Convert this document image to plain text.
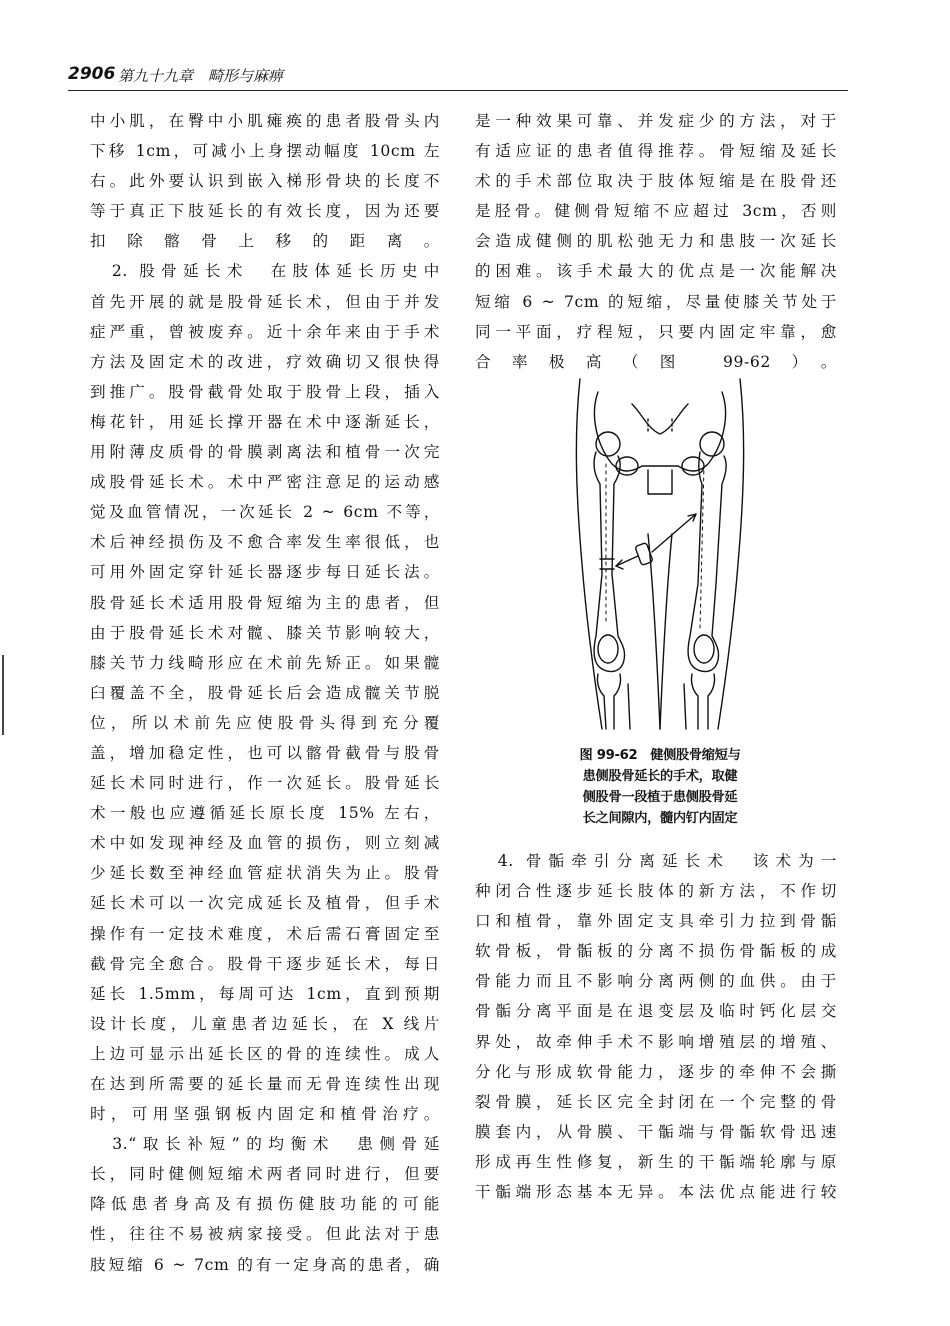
2906 第九十九章　畸形与麻痹
中小肌，在臀中小肌瘫痪的患者股骨头内
下移 1cm，可减小上身摆动幅度 10cm 左
右。此外要认识到嵌入梯形骨块的长度不
等于真正下肢延长的有效长度，因为还要
扣除髂骨上移的距离。
　2. 股骨延长术　在肢体延长历史中
首先开展的就是股骨延长术，但由于并发
症严重，曾被废弃。近十余年来由于手术
方法及固定术的改进，疗效确切又很快得
到推广。股骨截骨处取于股骨上段，插入
梅花针，用延长撑开器在术中逐渐延长，
用附薄皮质骨的骨膜剥离法和植骨一次完
成股骨延长术。术中严密注意足的运动感
觉及血管情况，一次延长 2 ~ 6cm 不等，
术后神经损伤及不愈合率发生率很低，也
可用外固定穿针延长器逐步每日延长法。
股骨延长术适用股骨短缩为主的患者，但
由于股骨延长术对髋、膝关节影响较大，
膝关节力线畸形应在术前先矫正。如果髋
臼覆盖不全，股骨延长后会造成髋关节脱
位，所以术前先应使股骨头得到充分覆
盖，增加稳定性，也可以髂骨截骨与股骨
延长术同时进行，作一次延长。股骨延长
术一般也应遵循延长原长度 15% 左右，
术中如发现神经及血管的损伤，则立刻减
少延长数至神经血管症状消失为止。股骨
延长术可以一次完成延长及植骨，但手术
操作有一定技术难度，术后需石膏固定至
截骨完全愈合。股骨干逐步延长术，每日
延长 1.5mm，每周可达 1cm，直到预期
设计长度，儿童患者边延长，在 X 线片
上边可显示出延长区的骨的连续性。成人
在达到所需要的延长量而无骨连续性出现
时，可用坚强钢板内固定和植骨治疗。
　3.“取长补短”的均衡术　患侧骨延
长，同时健侧短缩术两者同时进行，但要
降低患者身高及有损伤健肢功能的可能
性，往往不易被病家接受。但此法对于患
肢短缩 6 ~ 7cm 的有一定身高的患者，确
是一种效果可靠、并发症少的方法，对于
有适应证的患者值得推荐。骨短缩及延长
术的手术部位取决于肢体短缩是在股骨还
是胫骨。健侧骨短缩不应超过 3cm，否则
会造成健侧的肌松弛无力和患肢一次延长
的困难。该手术最大的优点是一次能解决
短缩 6 ~ 7cm 的短缩，尽量使膝关节处于
同一平面，疗程短，只要内固定牢靠，愈
合率极高（图 99-62）。
图 99-62　健侧股骨缩短与
患侧股骨延长的手术，取健
侧股骨一段植于患侧股骨延
长之间隙内，髓内钉内固定
　4. 骨骺牵引分离延长术　该术为一
种闭合性逐步延长肢体的新方法，不作切
口和植骨，靠外固定支具牵引力拉到骨骺
软骨板，骨骺板的分离不损伤骨骺板的成
骨能力而且不影响分离两侧的血供。由于
骨骺分离平面是在退变层及临时钙化层交
界处，故牵伸手术不影响增殖层的增殖、
分化与形成软骨能力，逐步的牵伸不会撕
裂骨膜，延长区完全封闭在一个完整的骨
膜套内，从骨膜、干骺端与骨骺软骨迅速
形成再生性修复，新生的干骺端轮廓与原
干骺端形态基本无异。本法优点能进行较
